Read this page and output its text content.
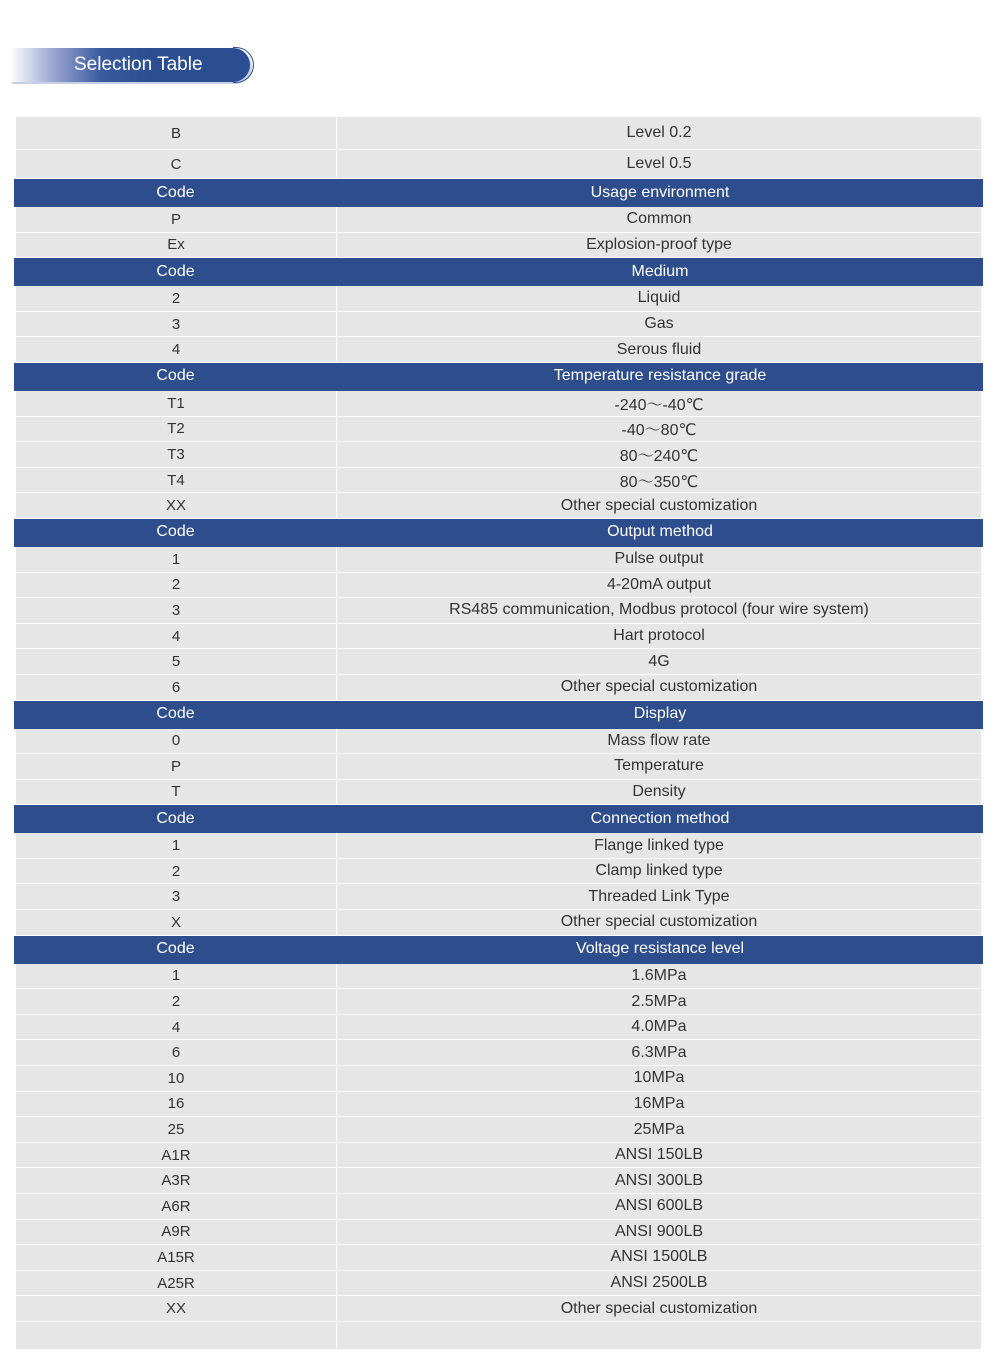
Selection Table
B	Level 0.2
C	Level 0.5
Code	Usage environment
P	Common
Ex	Explosion-proof type
Code	Medium
2	Liquid
3	Gas
4	Serous fluid
Code	Temperature resistance grade
T1	-240～-40℃
T2	-40～80℃
T3	80～240℃
T4	80～350℃
XX	Other special customization
Code	Output method
1	Pulse output
2	4-20mA output
3	RS485 communication, Modbus protocol (four wire system)
4	Hart protocol
5	4G
6	Other special customization
Code	Display
0	Mass flow rate
P	Temperature
T	Density
Code	Connection method
1	Flange linked type
2	Clamp linked type
3	Threaded Link Type
X	Other special customization
Code	Voltage resistance level
1	1.6MPa
2	2.5MPa
4	4.0MPa
6	6.3MPa
10	10MPa
16	16MPa
25	25MPa
A1R	ANSI 150LB
A3R	ANSI 300LB
A6R	ANSI 600LB
A9R	ANSI 900LB
A15R	ANSI 1500LB
A25R	ANSI 2500LB
XX	Other special customization
